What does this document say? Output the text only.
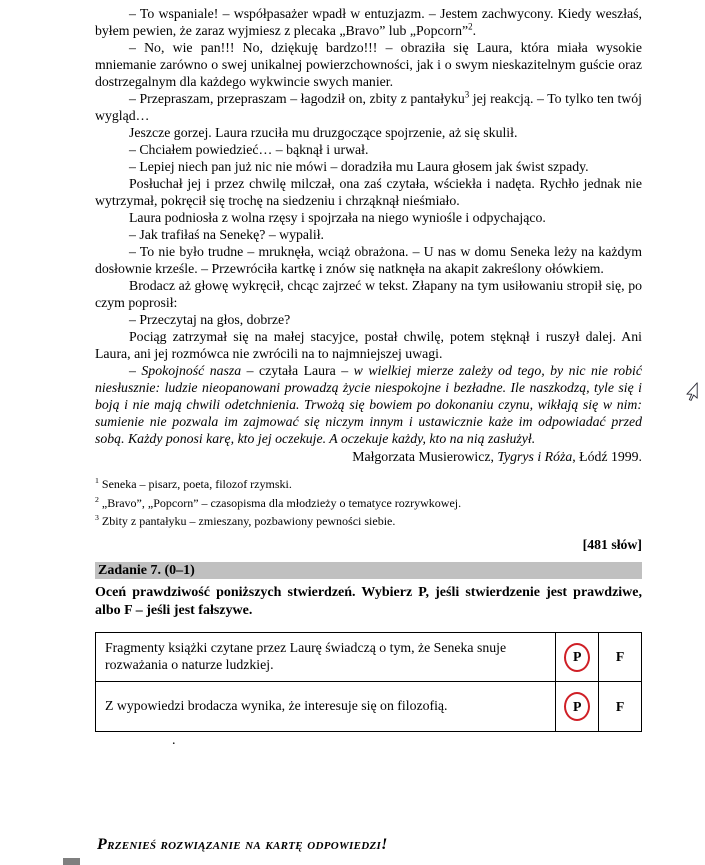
– To wspaniale! – współpasażer wpadł w entuzjazm. – Jestem zachwycony. Kiedy weszłaś, byłem pewien, że zaraz wyjmiesz z plecaka „Bravo” lub „Popcorn”$^2$.

– No, wie pan!!! No, dziękuję bardzo!!! – obraziła się Laura, która miała wysokie mniemanie zarówno o swej unikalnej powierzchowności, jak i o swym nieskazitelnym guście oraz dostrzegalnym dla każdego wykwincie swych manier.

– Przepraszam, przepraszam – łagodził on, zbity z pantałyku$^3$ jej reakcją. – To tylko ten twój wygląd…

Jeszcze gorzej. Laura rzuciła mu druzgoczące spojrzenie, aż się skulił.

– Chciałem powiedzieć… – bąknął i urwał.

– Lepiej niech pan już nic nie mówi – doradziła mu Laura głosem jak świst szpady.

Posłuchał jej i przez chwilę milczał, ona zaś czytała, wściekła i nadęta. Rychło jednak nie wytrzymał, pokręcił się trochę na siedzeniu i chrząknął nieśmiało.

Laura podniosła z wolna rzęsy i spojrzała na niego wyniośle i odpychająco.

– Jak trafiłaś na Senekę? – wypalił.

– To nie było trudne – mruknęła, wciąż obrażona. – U nas w domu Seneka leży na każdym dosłownie krześle. – Przewróciła kartkę i znów się natknęła na akapit zakreślony ołówkiem.

Brodacz aż głowę wykręcił, chcąc zajrzeć w tekst. Złapany na tym usiłowaniu stropił się, po czym poprosił:

– Przeczytaj na głos, dobrze?

Pociąg zatrzymał się na małej stacyjce, postał chwilę, potem stęknął i ruszył dalej. Ani Laura, ani jej rozmówca nie zwrócili na to najmniejszej uwagi.

– Spokojność nasza – czytała Laura – w wielkiej mierze zależy od tego, by nic nie robić niesłusznie: ludzie nieopanowani prowadzą życie niespokojne i bezładne. Ile naszkodzą, tyle się i boją i nie mają chwili odetchnienia. Trwożą się bowiem po dokonaniu czynu, wikłają się w nim: sumienie nie pozwala im zajmować się niczym innym i ustawicznie każe im odpowiadać przed sobą. Każdy ponosi karę, kto jej oczekuje. A oczekuje każdy, kto na nią zasłużył.

Małgorzata Musierowicz, Tygrys i Róża, Łódź 1999.
$^1$ Seneka – pisarz, poeta, filozof rzymski.
$^2$ „Bravo”, „Popcorn” – czasopisma dla młodzieży o tematyce rozrywkowej.
$^3$ Zbity z pantałyku – zmieszany, pozbawiony pewności siebie.
[481 słów]
Zadanie 7. (0–1)
Oceń prawdziwość poniższych stwierdzeń. Wybierz P, jeśli stwierdzenie jest prawdziwe, albo F – jeśli jest fałszywe.
Fragmenty książki czytane przez Laurę świadczą o tym, że Seneka snuje rozważania o naturze ludzkiej.	P	F
Z wypowiedzi brodacza wynika, że interesuje się on filozofią.	P	F
.
Przenieś rozwiązanie na kartę odpowiedzi!
